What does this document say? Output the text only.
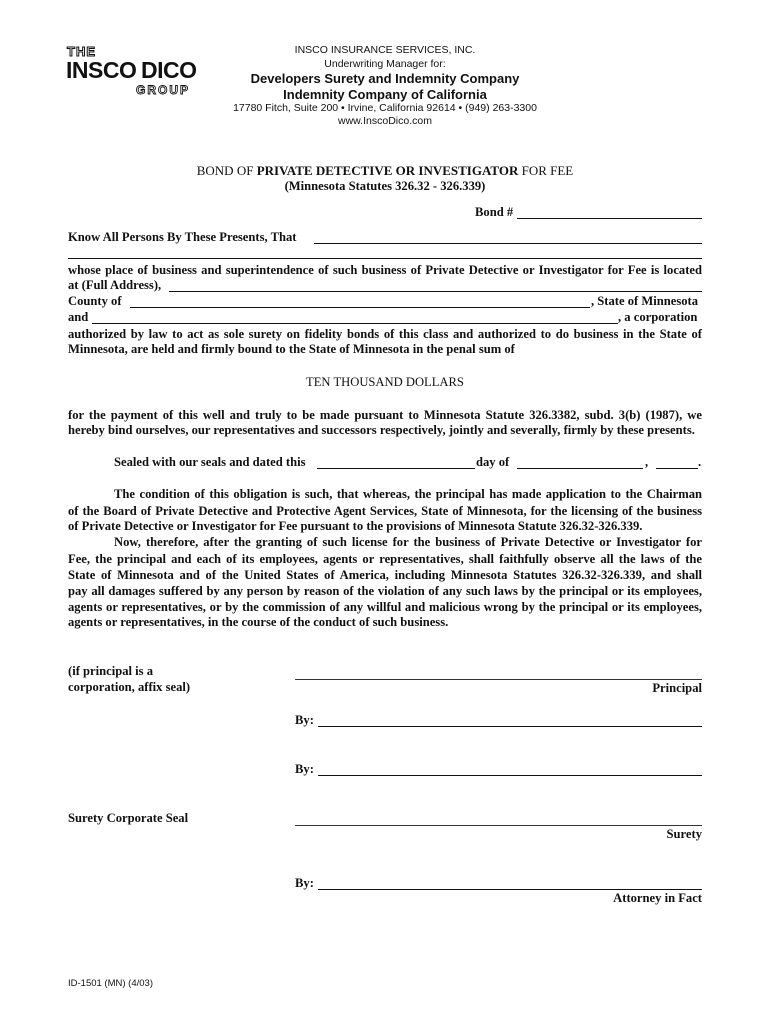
THE
INSCO DICO
GROUP
INSCO INSURANCE SERVICES, INC.
Underwriting Manager for:
Developers Surety and Indemnity Company
Indemnity Company of California
17780 Fitch, Suite 200 • Irvine, California 92614 • (949) 263-3300
www.InscoDico.com
BOND OF PRIVATE DETECTIVE OR INVESTIGATOR FOR FEE
(Minnesota Statutes 326.32 - 326.339)
Bond #
Know All Persons By These Presents, That
whose place of business and superintendence of such business of Private Detective or Investigator for Fee is located
at (Full Address),
County of	, State of Minnesota
and	, a corporation
authorized by law to act as sole surety on fidelity bonds of this class and authorized to do business in the State of
Minnesota, are held and firmly bound to the State of Minnesota in the penal sum of
TEN THOUSAND DOLLARS
for the payment of this well and truly to be made pursuant to Minnesota Statute 326.3382, subd. 3(b) (1987), we
hereby bind ourselves, our representatives and successors respectively, jointly and severally, firmly by these presents.
Sealed with our seals and dated this	day of	,	.
The condition of this obligation is such, that whereas, the principal has made application to the Chairman
of the Board of Private Detective and Protective Agent Services, State of Minnesota, for the licensing of the business
of Private Detective or Investigator for Fee pursuant to the provisions of Minnesota Statute 326.32-326.339.
Now, therefore, after the granting of such license for the business of Private Detective or Investigator for
Fee, the principal and each of its employees, agents or representatives, shall faithfully observe all the laws of the
State of Minnesota and of the United States of America, including Minnesota Statutes 326.32-326.339, and shall
pay all damages suffered by any person by reason of the violation of any such laws by the principal or its employees,
agents or representatives, or by the commission of any willful and malicious wrong by the principal or its employees,
agents or representatives, in the course of the conduct of such business.
(if principal is a
corporation, affix seal)	Principal
By:
By:
Surety Corporate Seal
Surety
By:
Attorney in Fact
ID-1501 (MN) (4/03)
